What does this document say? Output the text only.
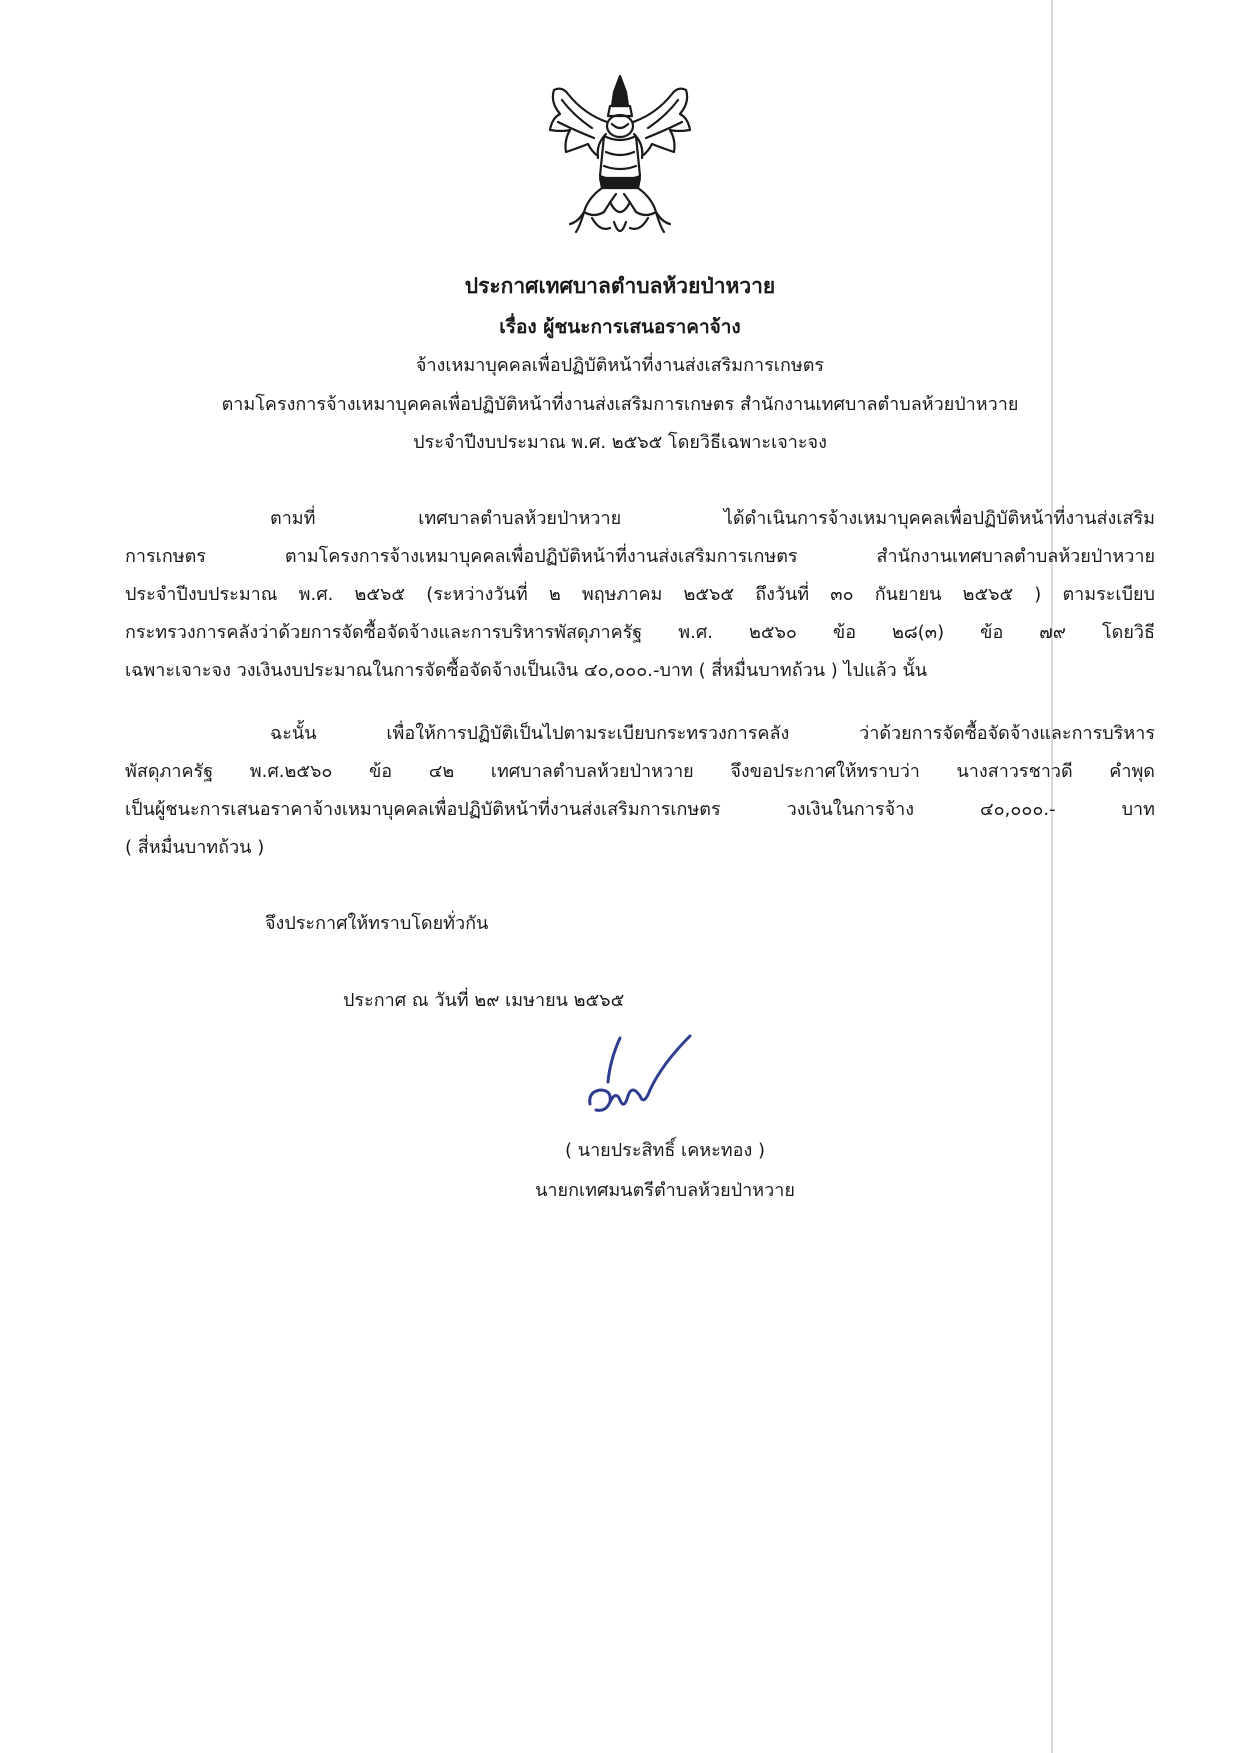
ประกาศเทศบาลตำบลห้วยป่าหวาย
เรื่อง ผู้ชนะการเสนอราคาจ้าง
จ้างเหมาบุคคลเพื่อปฏิบัติหน้าที่งานส่งเสริมการเกษตร
ตามโครงการจ้างเหมาบุคคลเพื่อปฏิบัติหน้าที่งานส่งเสริมการเกษตร สำนักงานเทศบาลตำบลห้วยป่าหวาย
ประจำปีงบประมาณ พ.ศ. ๒๕๖๕ โดยวิธีเฉพาะเจาะจง
ตามที่ เทศบาลตำบลห้วยป่าหวาย ได้ดำเนินการจ้างเหมาบุคคลเพื่อปฏิบัติหน้าที่งานส่งเสริม
การเกษตร ตามโครงการจ้างเหมาบุคคลเพื่อปฏิบัติหน้าที่งานส่งเสริมการเกษตร สำนักงานเทศบาลตำบลห้วยป่าหวาย
ประจำปีงบประมาณ พ.ศ. ๒๕๖๕ (ระหว่างวันที่ ๒ พฤษภาคม ๒๕๖๕ ถึงวันที่ ๓๐ กันยายน ๒๕๖๕ ) ตามระเบียบ
กระทรวงการคลังว่าด้วยการจัดซื้อจัดจ้างและการบริหารพัสดุภาครัฐ พ.ศ. ๒๕๖๐ ข้อ ๒๘(๓) ข้อ ๗๙ โดยวิธี
เฉพาะเจาะจง วงเงินงบประมาณในการจัดซื้อจัดจ้างเป็นเงิน ๔๐,๐๐๐.-บาท ( สี่หมื่นบาทถ้วน ) ไปแล้ว นั้น
ฉะนั้น เพื่อให้การปฏิบัติเป็นไปตามระเบียบกระทรวงการคลัง ว่าด้วยการจัดซื้อจัดจ้างและการบริหาร
พัสดุภาครัฐ พ.ศ.๒๕๖๐ ข้อ ๔๒ เทศบาลตำบลห้วยป่าหวาย จึงขอประกาศให้ทราบว่า นางสาวรชาวดี คำพุด
เป็นผู้ชนะการเสนอราคาจ้างเหมาบุคคลเพื่อปฏิบัติหน้าที่งานส่งเสริมการเกษตร วงเงินในการจ้าง ๔๐,๐๐๐.- บาท
( สี่หมื่นบาทถ้วน )
จึงประกาศให้ทราบโดยทั่วกัน
ประกาศ ณ วันที่ ๒๙ เมษายน ๒๕๖๕
( นายประสิทธิ์ เคหะทอง )
นายกเทศมนตรีตำบลห้วยป่าหวาย
